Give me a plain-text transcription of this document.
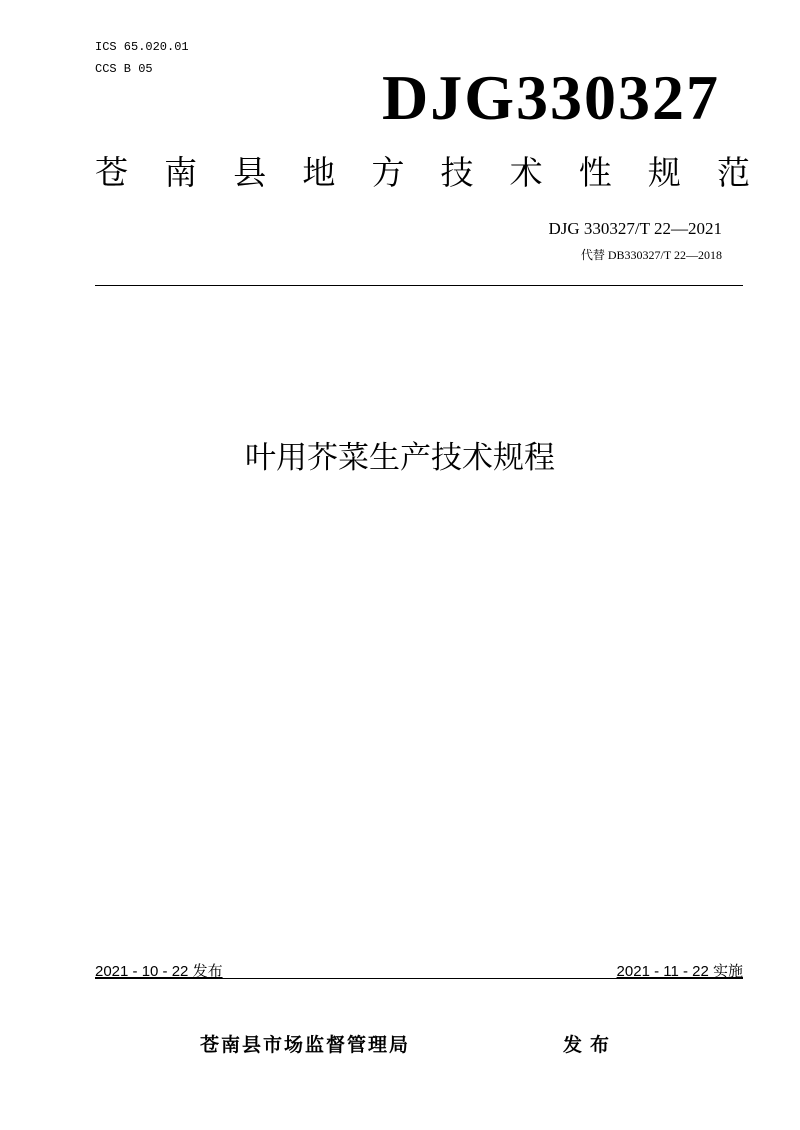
ICS 65.020.01
CCS B 05	DJG330327
苍 南 县 地 方 技 术 性 规 范
DJG 330327/T 22—2021
代替 DB330327/T 22—2018
叶用芥菜生产技术规程
2021 - 10 - 22 发布	2021 - 11 - 22 实施
苍南县市场监督管理局	发布
